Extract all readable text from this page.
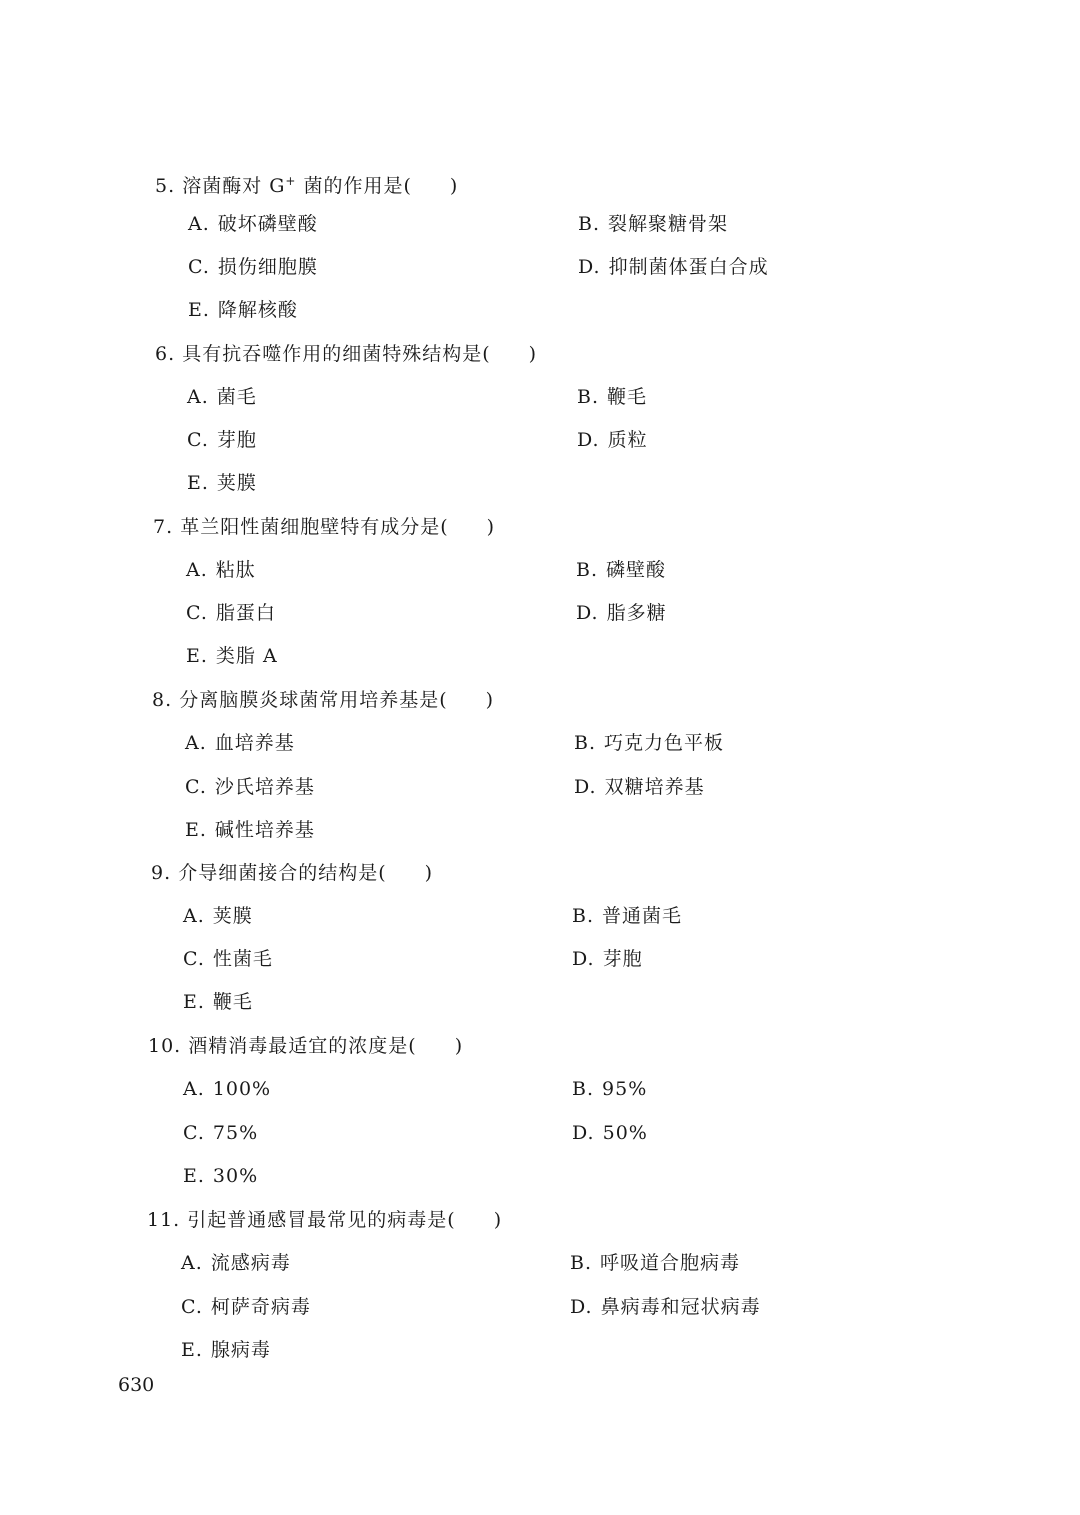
5. 溶菌酶对 G+ 菌的作用是( )
A. 破坏磷壁酸	B. 裂解聚糖骨架
C. 损伤细胞膜	D. 抑制菌体蛋白合成
E. 降解核酸
6. 具有抗吞噬作用的细菌特殊结构是( )
A. 菌毛	B. 鞭毛
C. 芽胞	D. 质粒
E. 荚膜
7. 革兰阳性菌细胞壁特有成分是( )
A. 粘肽	B. 磷壁酸
C. 脂蛋白	D. 脂多糖
E. 类脂 A
8. 分离脑膜炎球菌常用培养基是( )
A. 血培养基	B. 巧克力色平板
C. 沙氏培养基	D. 双糖培养基
E. 碱性培养基
9. 介导细菌接合的结构是( )
A. 荚膜	B. 普通菌毛
C. 性菌毛	D. 芽胞
E. 鞭毛
10. 酒精消毒最适宜的浓度是( )
A. 100%	B. 95%
C. 75%	D. 50%
E. 30%
11. 引起普通感冒最常见的病毒是( )
A. 流感病毒	B. 呼吸道合胞病毒
C. 柯萨奇病毒	D. 鼻病毒和冠状病毒
E. 腺病毒
630
